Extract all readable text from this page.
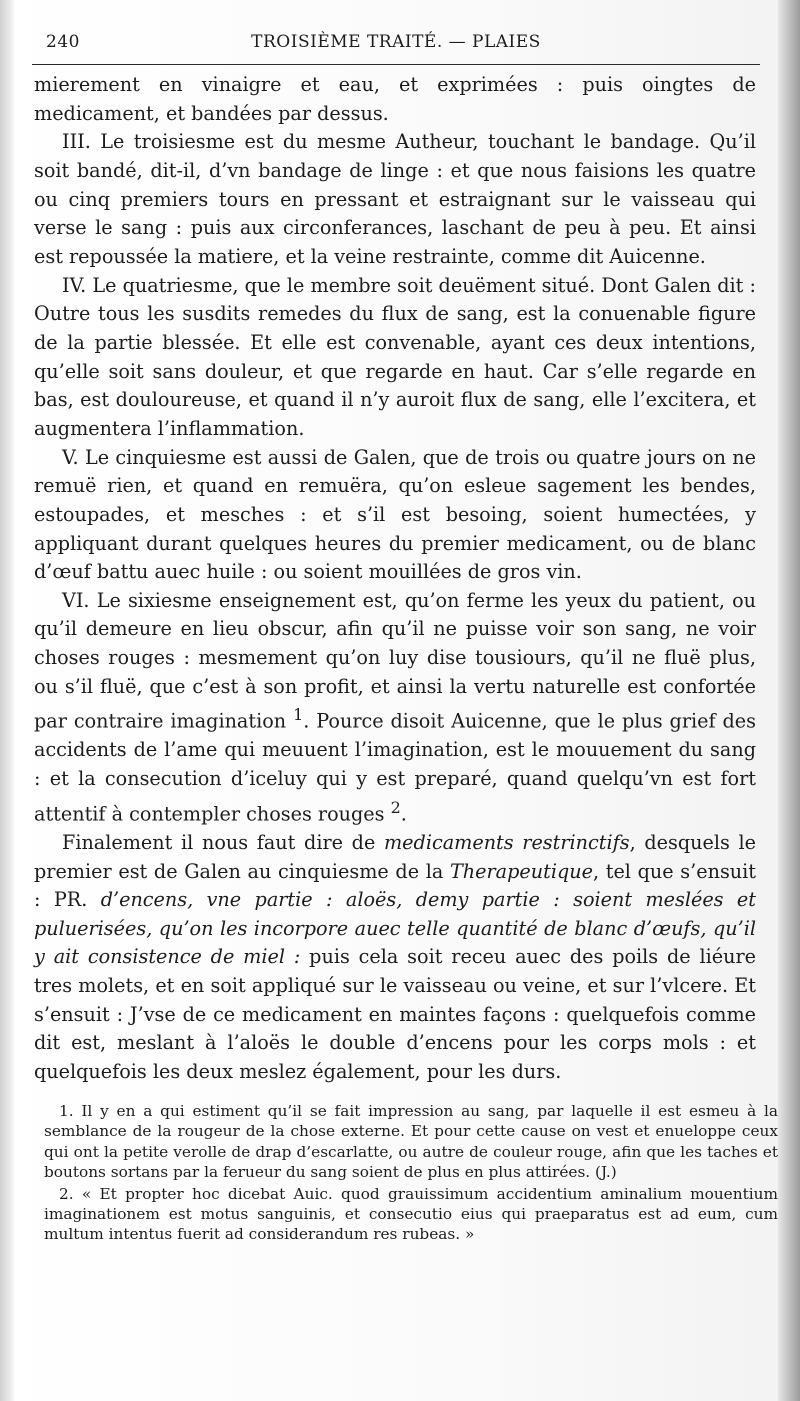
240	TROISIÈME TRAITÉ. — PLAIES

mierement en vinaigre et eau, et exprimées : puis oingtes de medicament, et bandées par dessus.

III. Le troisiesme est du mesme Autheur, touchant le bandage. Qu’il soit bandé, dit-il, d’vn bandage de linge : et que nous faisions les quatre ou cinq premiers tours en pressant et estraignant sur le vaisseau qui verse le sang : puis aux circonferances, laschant de peu à peu. Et ainsi est repoussée la matiere, et la veine restrainte, comme dit Auicenne.

IV. Le quatriesme, que le membre soit deuëment situé. Dont Galen dit : Outre tous les susdits remedes du flux de sang, est la conuenable figure de la partie blessée. Et elle est convenable, ayant ces deux intentions, qu’elle soit sans douleur, et que regarde en haut. Car s’elle regarde en bas, est douloureuse, et quand il n’y auroit flux de sang, elle l’excitera, et augmentera l’inflammation.

V. Le cinquiesme est aussi de Galen, que de trois ou quatre jours on ne remuë rien, et quand en remuëra, qu’on esleue sagement les bendes, estoupades, et mesches : et s’il est besoing, soient humectées, y appliquant durant quelques heures du premier medicament, ou de blanc d’œuf battu auec huile : ou soient mouillées de gros vin.

VI. Le sixiesme enseignement est, qu’on ferme les yeux du patient, ou qu’il demeure en lieu obscur, afin qu’il ne puisse voir son sang, ne voir choses rouges : mesmement qu’on luy dise tousiours, qu’il ne fluë plus, ou s’il fluë, que c’est à son profit, et ainsi la vertu naturelle est confortée par contraire imagination $^1$. Pource disoit Auicenne, que le plus grief des accidents de l’ame qui meuuent l’imagination, est le mouuement du sang : et la consecution d’iceluy qui y est preparé, quand quelqu’vn est fort attentif à contempler choses rouges $^2$.

Finalement il nous faut dire de medicaments restrinctifs, desquels le premier est de Galen au cinquiesme de la Therapeutique, tel que s’ensuit : PR. d’encens, vne partie : aloës, demy partie : soient meslées et puluerisées, qu’on les incorpore auec telle quantité de blanc d’œufs, qu’il y ait consistence de miel : puis cela soit receu auec des poils de liéure tres molets, et en soit appliqué sur le vaisseau ou veine, et sur l’vlcere. Et s’ensuit : J’vse de ce medicament en maintes façons : quelquefois comme dit est, meslant à l’aloës le double d’encens pour les corps mols : et quelquefois les deux meslez également, pour les durs.

1. Il y en a qui estiment qu’il se fait impression au sang, par laquelle il est esmeu à la semblance de la rougeur de la chose externe. Et pour cette cause on vest et enueloppe ceux qui ont la petite verolle de drap d’escarlatte, ou autre de couleur rouge, afin que les taches et boutons sortans par la ferueur du sang soient de plus en plus attirées. (J.)

2. « Et propter hoc dicebat Auic. quod grauissimum accidentium aminalium mouentium imaginationem est motus sanguinis, et consecutio eius qui praeparatus est ad eum, cum multum intentus fuerit ad considerandum res rubeas. »
